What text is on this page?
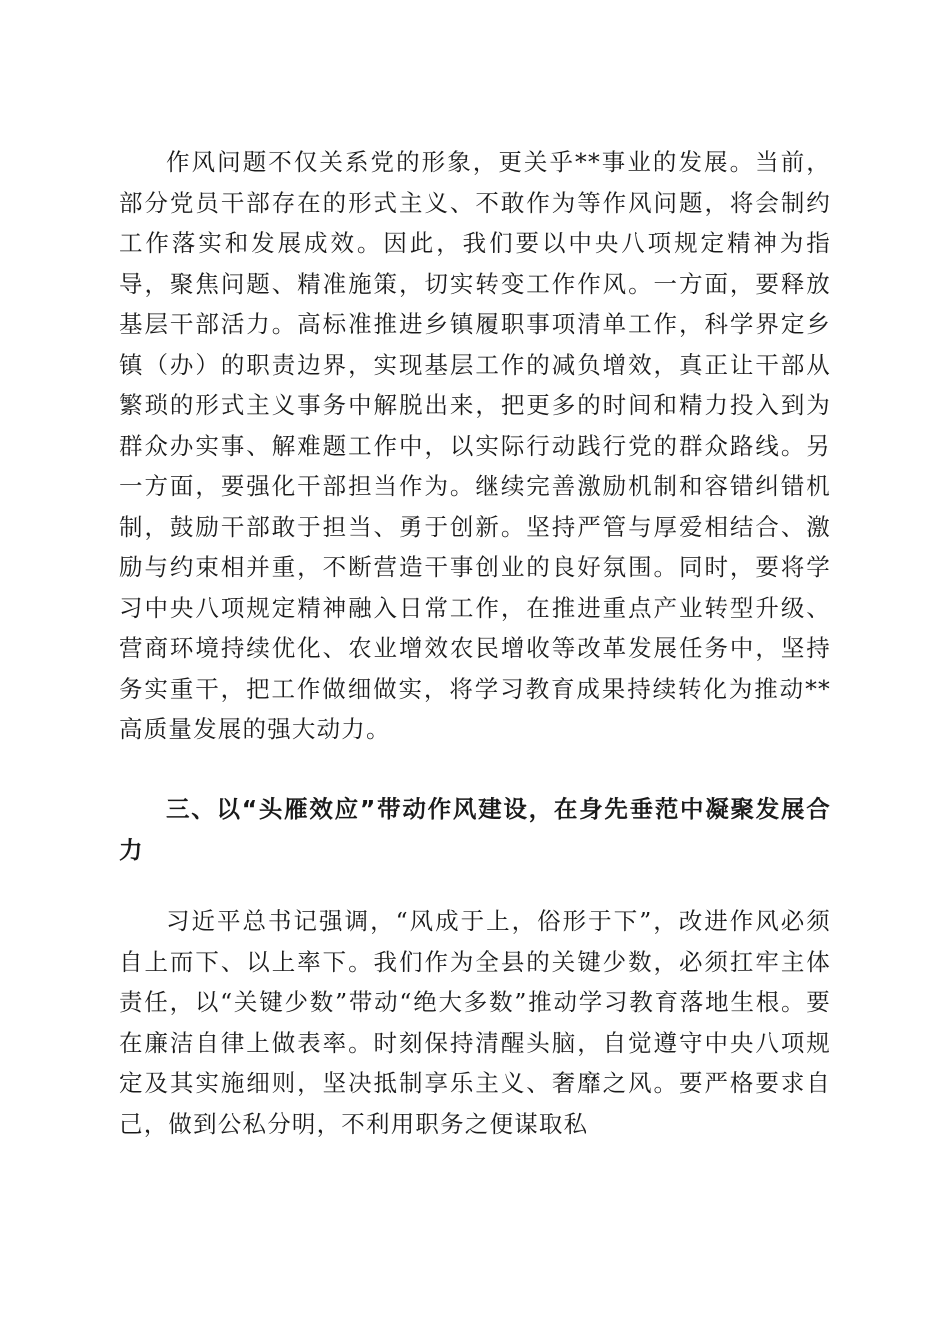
作风问题不仅关系党的形象，更关乎**事业的发展。当前，部分党员干部存在的形式主义、不敢作为等作风问题，将会制约工作落实和发展成效。因此，我们要以中央八项规定精神为指导，聚焦问题、精准施策，切实转变工作作风。一方面，要释放基层干部活力。高标准推进乡镇履职事项清单工作，科学界定乡镇（办）的职责边界，实现基层工作的减负增效，真正让干部从繁琐的形式主义事务中解脱出来，把更多的时间和精力投入到为群众办实事、解难题工作中，以实际行动践行党的群众路线。另一方面，要强化干部担当作为。继续完善激励机制和容错纠错机制，鼓励干部敢于担当、勇于创新。坚持严管与厚爱相结合、激励与约束相并重，不断营造干事创业的良好氛围。同时，要将学习中央八项规定精神融入日常工作，在推进重点产业转型升级、营商环境持续优化、农业增效农民增收等改革发展任务中，坚持务实重干，把工作做细做实，将学习教育成果持续转化为推动**高质量发展的强大动力。

三、以“头雁效应”带动作风建设，在身先垂范中凝聚发展合力

习近平总书记强调，“风成于上，俗形于下”，改进作风必须自上而下、以上率下。我们作为全县的关键少数，必须扛牢主体责任，以“关键少数”带动“绝大多数”推动学习教育落地生根。要在廉洁自律上做表率。时刻保持清醒头脑，自觉遵守中央八项规定及其实施细则，坚决抵制享乐主义、奢靡之风。要严格要求自己，做到公私分明，不利用职务之便谋取私
